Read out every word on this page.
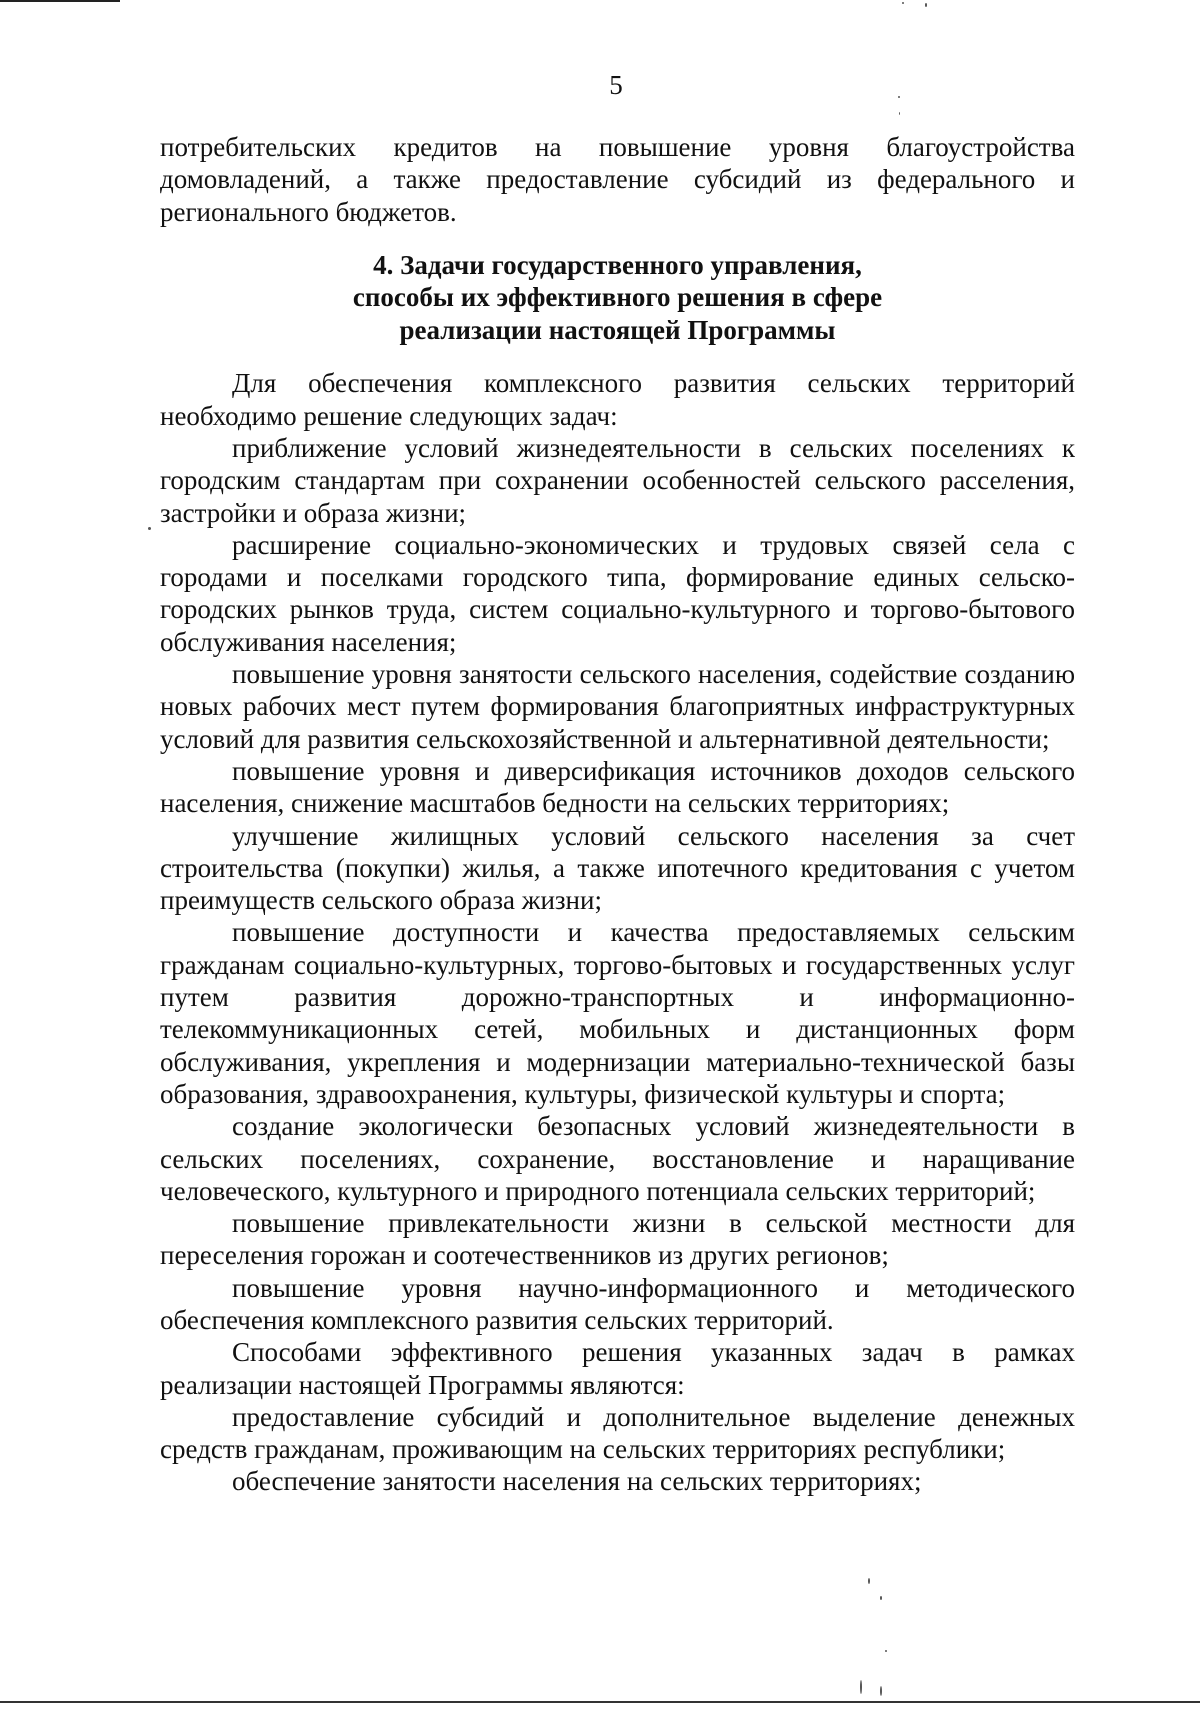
5

потребительских кредитов на повышение уровня благоустройства домовладений, а также предоставление субсидий из федерального и регионального бюджетов.

4. Задачи государственного управления,
способы их эффективного решения в сфере
реализации настоящей Программы

Для обеспечения комплексного развития сельских территорий необходимо решение следующих задач:

приближение условий жизнедеятельности в сельских поселениях к городским стандартам при сохранении особенностей сельского расселения, застройки и образа жизни;

расширение социально-экономических и трудовых связей села с городами и поселками городского типа, формирование единых сельско-городских рынков труда, систем социально-культурного и торгово-бытового обслуживания населения;

повышение уровня занятости сельского населения, содействие созданию новых рабочих мест путем формирования благоприятных инфраструктурных условий для развития сельскохозяйственной и альтернативной деятельности;

повышение уровня и диверсификация источников доходов сельского населения, снижение масштабов бедности на сельских территориях;

улучшение жилищных условий сельского населения за счет строительства (покупки) жилья, а также ипотечного кредитования с учетом преимуществ сельского образа жизни;

повышение доступности и качества предоставляемых сельским гражданам социально-культурных, торгово-бытовых и государственных услуг путем развития дорожно-транспортных и информационно-телекоммуникационных сетей, мобильных и дистанционных форм обслуживания, укрепления и модернизации материально-технической базы образования, здравоохранения, культуры, физической культуры и спорта;

создание экологически безопасных условий жизнедеятельности в сельских поселениях, сохранение, восстановление и наращивание человеческого, культурного и природного потенциала сельских территорий;

повышение привлекательности жизни в сельской местности для переселения горожан и соотечественников из других регионов;

повышение уровня научно-информационного и методического обеспечения комплексного развития сельских территорий.

Способами эффективного решения указанных задач в рамках реализации настоящей Программы являются:

предоставление субсидий и дополнительное выделение денежных средств гражданам, проживающим на сельских территориях республики;

обеспечение занятости населения на сельских территориях;
